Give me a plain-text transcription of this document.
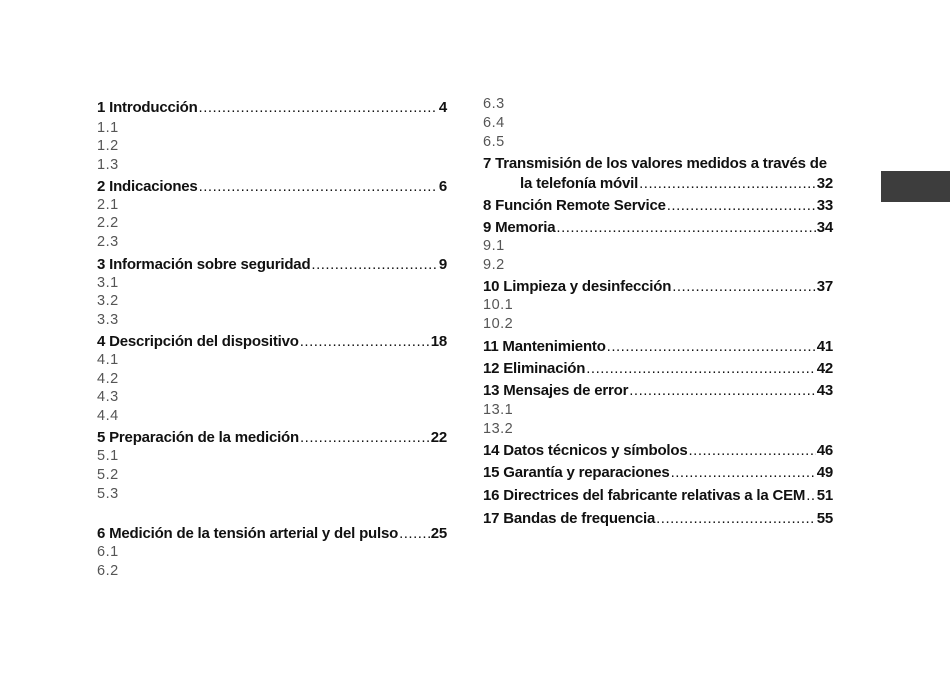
1 Introducción .....	4
1.1
1.2
1.3
2 Indicaciones .....	6
2.1
2.2
2.3
3 Información sobre seguridad .....	9
3.1
3.2
3.3
4 Descripción del dispositivo .....	18
4.1
4.2
4.3
4.4
5 Preparación de la medición .....	22
5.1
5.2
5.3
6 Medición de la tensión arterial y del pulso ..... 25
6.1
6.2
6.3
6.4
6.5
7 Transmisión de los valores medidos a través de
la telefonía móvil .....	32
8 Función Remote Service .....	33
9 Memoria .....	34
9.1
9.2
10 Limpieza y desinfección .....	37
10.1
10.2
11 Mantenimiento .....	41
12 Eliminación .....	42
13 Mensajes de error .....	43
13.1
13.2
14 Datos técnicos y símbolos .....	46
15 Garantía y reparaciones .....	49
16 Directrices del fabricante relativas a la CEM ..... 51
17 Bandas de frequencia .....	55
